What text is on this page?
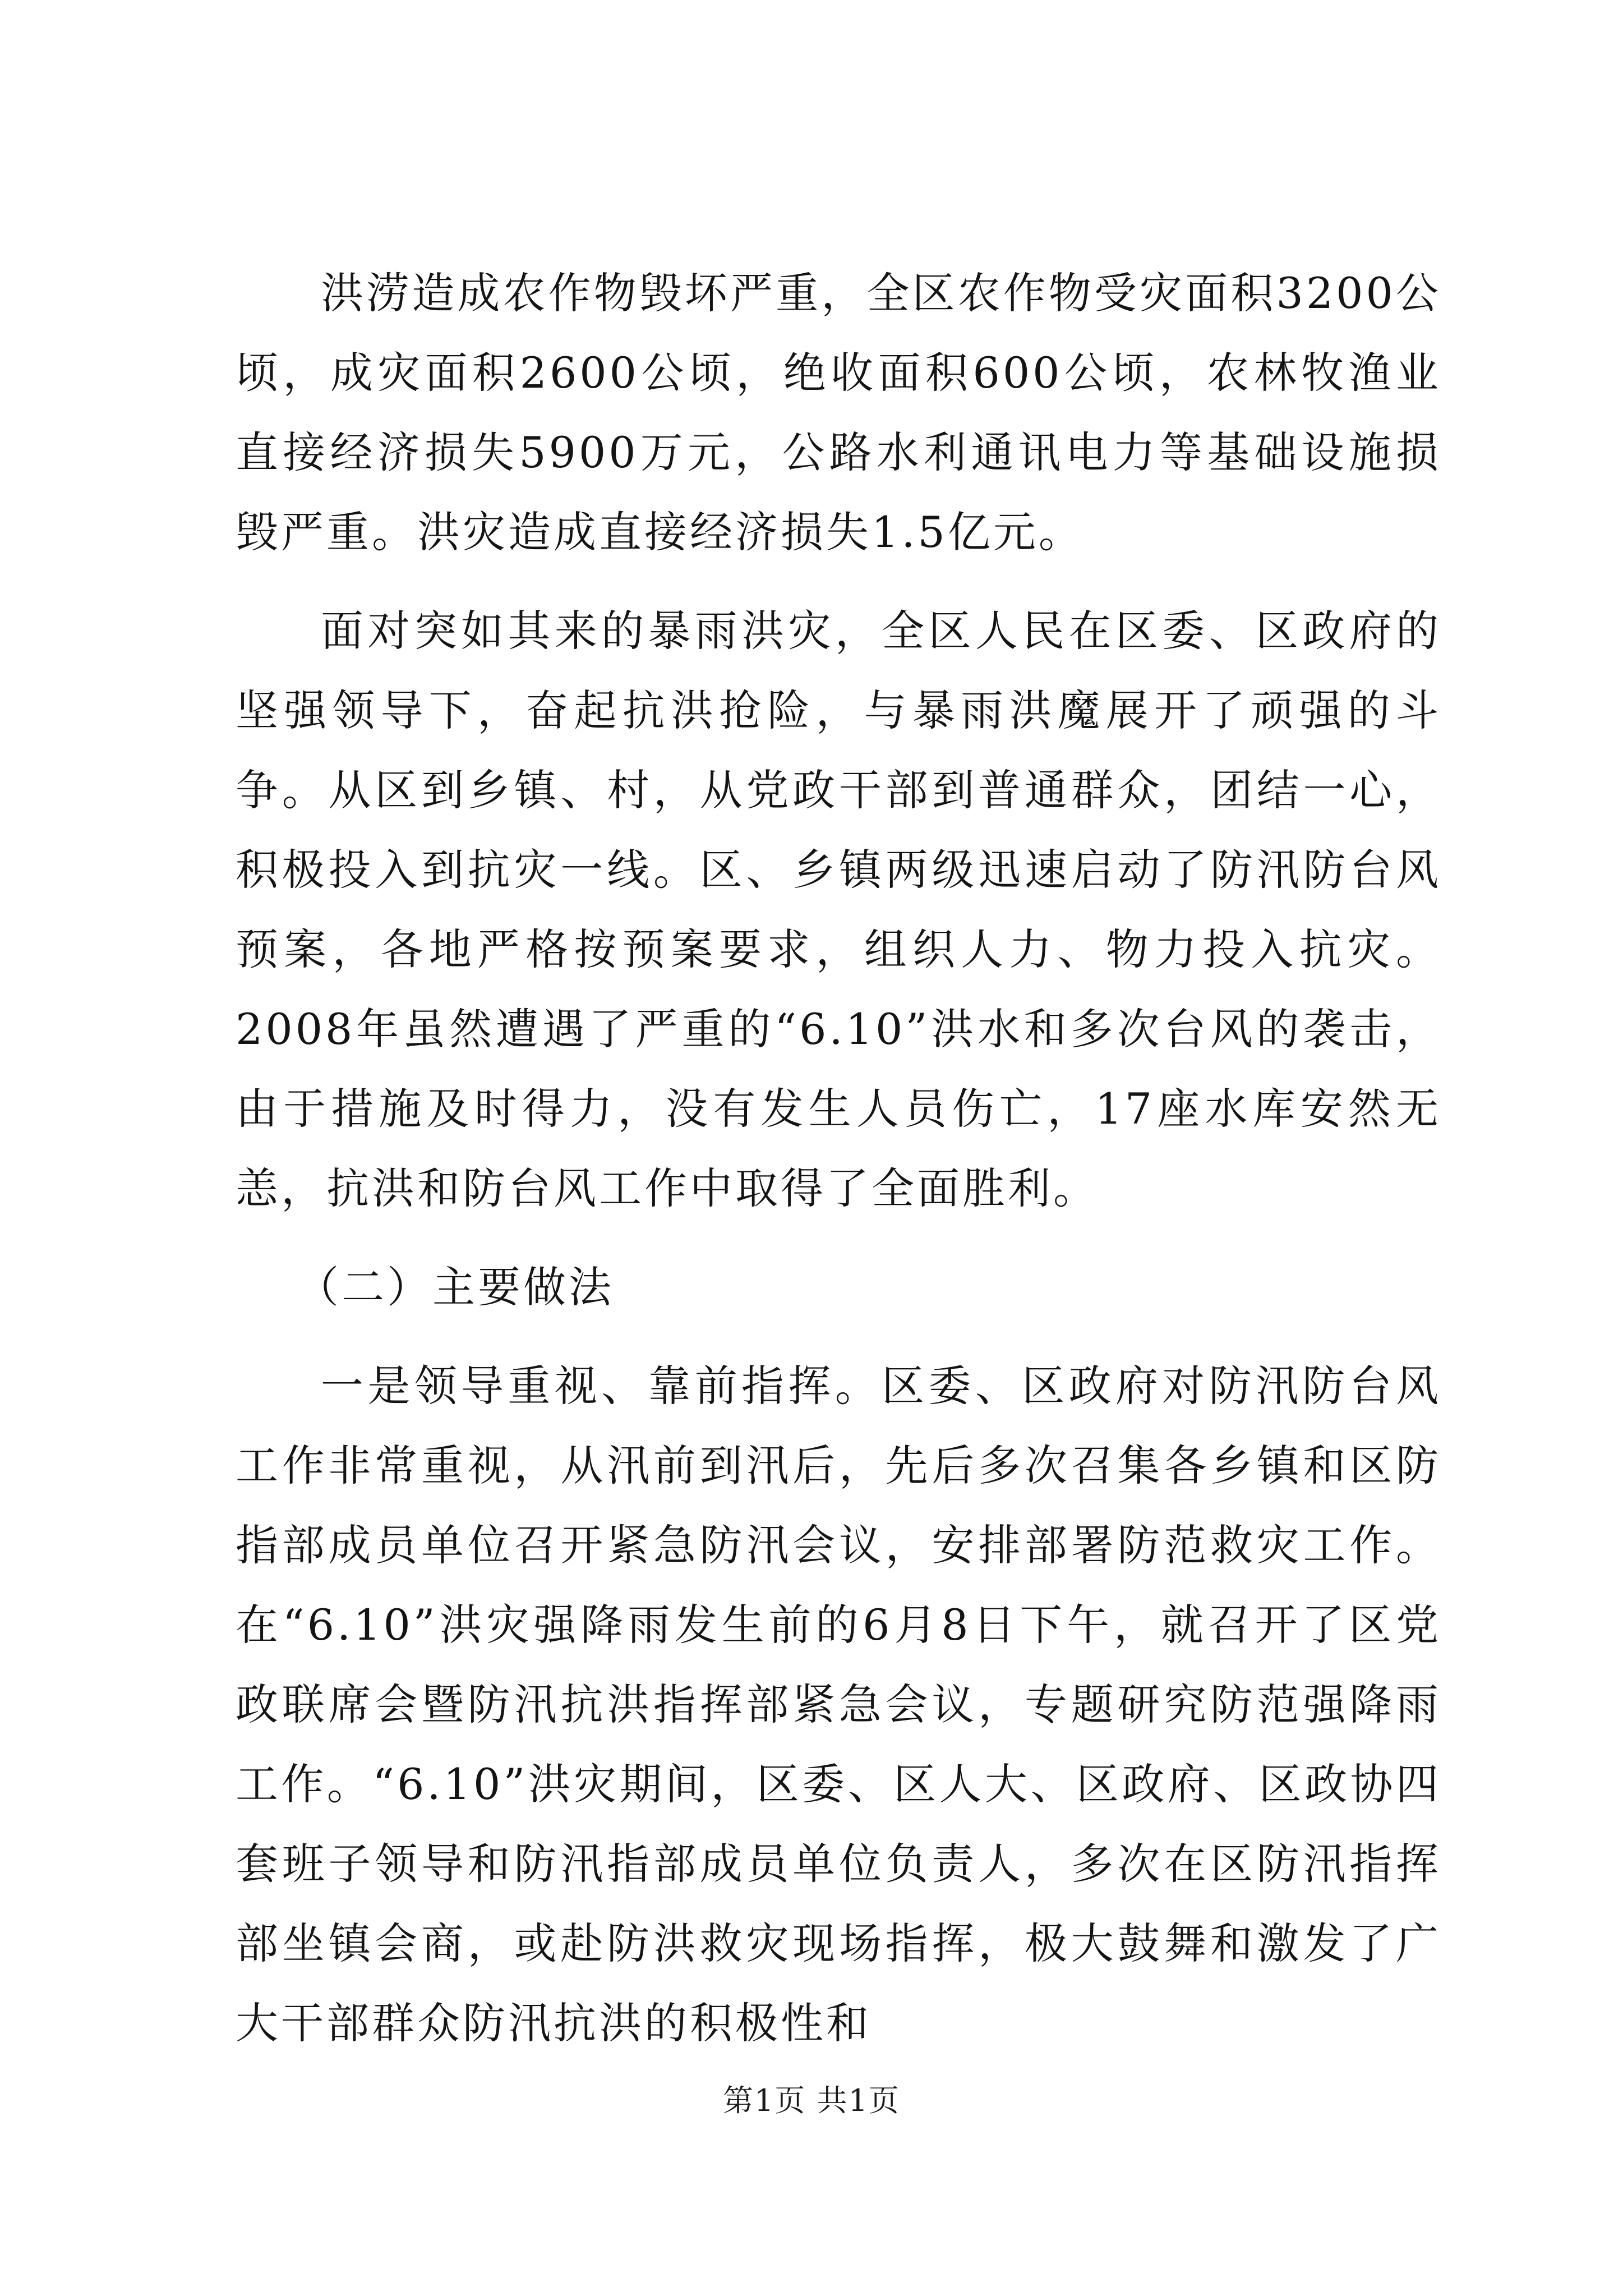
洪涝造成农作物毁坏严重，全区农作物受灾面积3200公顷，成灾面积2600公顷，绝收面积600公顷，农林牧渔业直接经济损失5900万元，公路水利通讯电力等基础设施损毁严重。洪灾造成直接经济损失1.5亿元。

面对突如其来的暴雨洪灾，全区人民在区委、区政府的坚强领导下，奋起抗洪抢险，与暴雨洪魔展开了顽强的斗争。从区到乡镇、村，从党政干部到普通群众，团结一心，积极投入到抗灾一线。区、乡镇两级迅速启动了防汛防台风预案，各地严格按预案要求，组织人力、物力投入抗灾。2008年虽然遭遇了严重的“6.10”洪水和多次台风的袭击，由于措施及时得力，没有发生人员伤亡，17座水库安然无恙，抗洪和防台风工作中取得了全面胜利。

（二）主要做法

一是领导重视、靠前指挥。区委、区政府对防汛防台风工作非常重视，从汛前到汛后，先后多次召集各乡镇和区防指部成员单位召开紧急防汛会议，安排部署防范救灾工作。在“6.10”洪灾强降雨发生前的6月8日下午，就召开了区党政联席会暨防汛抗洪指挥部紧急会议，专题研究防范强降雨工作。“6.10”洪灾期间，区委、区人大、区政府、区政协四套班子领导和防汛指部成员单位负责人，多次在区防汛指挥部坐镇会商，或赴防洪救灾现场指挥，极大鼓舞和激发了广大干部群众防汛抗洪的积极性和

第1页 共1页
